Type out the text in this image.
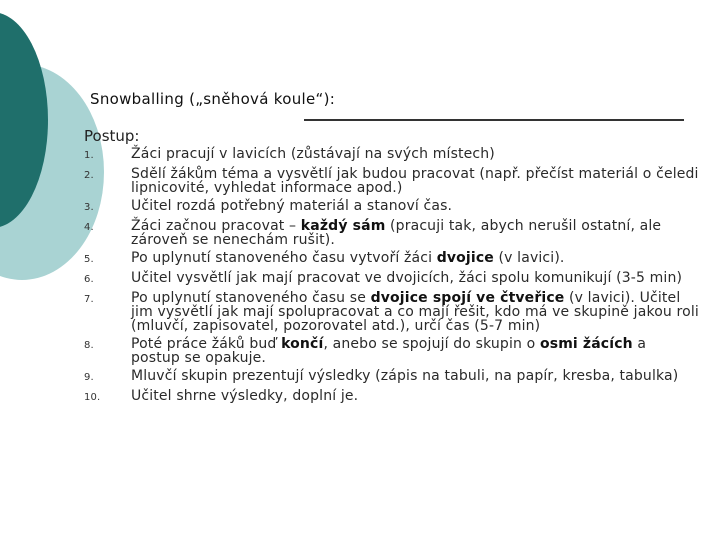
Snowballing („sněhová koule“):
Postup:
1.	Žáci pracují v lavicích (zůstávají na svých místech)
2.	Sdělí žákům téma a vysvětlí jak budou pracovat (např. přečíst materiál o čeledi lipnicovité, vyhledat informace apod.)
3.	Učitel rozdá potřebný materiál a stanoví čas.
4.	Žáci začnou pracovat – každý sám (pracuji tak, abych nerušil ostatní, ale zároveň se nenechám rušit).
5.	Po uplynutí stanoveného času vytvoří žáci dvojice (v lavici).
6.	Učitel vysvětlí jak mají pracovat ve dvojicích, žáci spolu komunikují (3-5 min)
7.	Po uplynutí stanoveného času se dvojice spojí ve čtveřice (v lavici). Učitel jim vysvětlí jak mají spolupracovat a co mají řešit, kdo má ve skupině jakou roli (mluvčí, zapisovatel, pozorovatel atd.), určí čas (5-7 min)
8.	Poté práce žáků buď končí, anebo se spojují do skupin o osmi žácích a postup se opakuje.
9.	Mluvčí skupin prezentují výsledky (zápis na tabuli, na papír, kresba, tabulka)
10.	Učitel shrne výsledky, doplní je.
